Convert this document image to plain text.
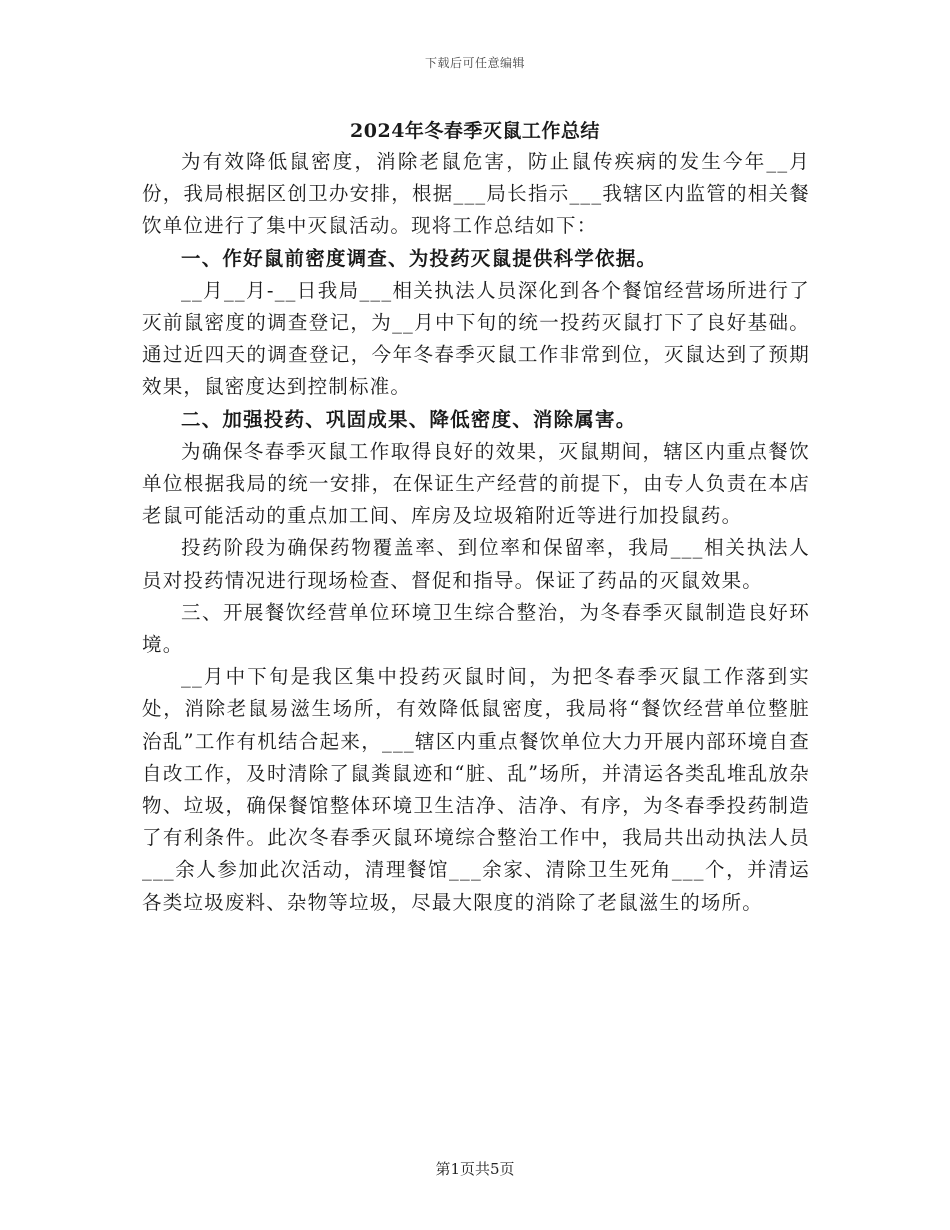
下载后可任意编辑
2024年冬春季灭鼠工作总结

为有效降低鼠密度，消除老鼠危害，防止鼠传疾病的发生今年__月份，我局根据区创卫办安排，根据___局长指示___我辖区内监管的相关餐饮单位进行了集中灭鼠活动。现将工作总结如下：

一、作好鼠前密度调查、为投药灭鼠提供科学依据。

__月__月-__日我局___相关执法人员深化到各个餐馆经营场所进行了灭前鼠密度的调查登记，为__月中下旬的统一投药灭鼠打下了良好基础。通过近四天的调查登记，今年冬春季灭鼠工作非常到位，灭鼠达到了预期效果，鼠密度达到控制标准。

二、加强投药、巩固成果、降低密度、消除属害。

为确保冬春季灭鼠工作取得良好的效果，灭鼠期间，辖区内重点餐饮单位根据我局的统一安排，在保证生产经营的前提下，由专人负责在本店老鼠可能活动的重点加工间、库房及垃圾箱附近等进行加投鼠药。

投药阶段为确保药物覆盖率、到位率和保留率，我局___相关执法人员对投药情况进行现场检查、督促和指导。保证了药品的灭鼠效果。

三、开展餐饮经营单位环境卫生综合整治，为冬春季灭鼠制造良好环境。

__月中下旬是我区集中投药灭鼠时间，为把冬春季灭鼠工作落到实处，消除老鼠易滋生场所，有效降低鼠密度，我局将“餐饮经营单位整脏治乱”工作有机结合起来，___辖区内重点餐饮单位大力开展内部环境自查自改工作，及时清除了鼠粪鼠迹和“脏、乱”场所，并清运各类乱堆乱放杂物、垃圾，确保餐馆整体环境卫生洁净、洁净、有序，为冬春季投药制造了有利条件。此次冬春季灭鼠环境综合整治工作中，我局共出动执法人员___余人参加此次活动，清理餐馆___余家、清除卫生死角___个，并清运各类垃圾废料、杂物等垃圾，尽最大限度的消除了老鼠滋生的场所。

第1页共5页
